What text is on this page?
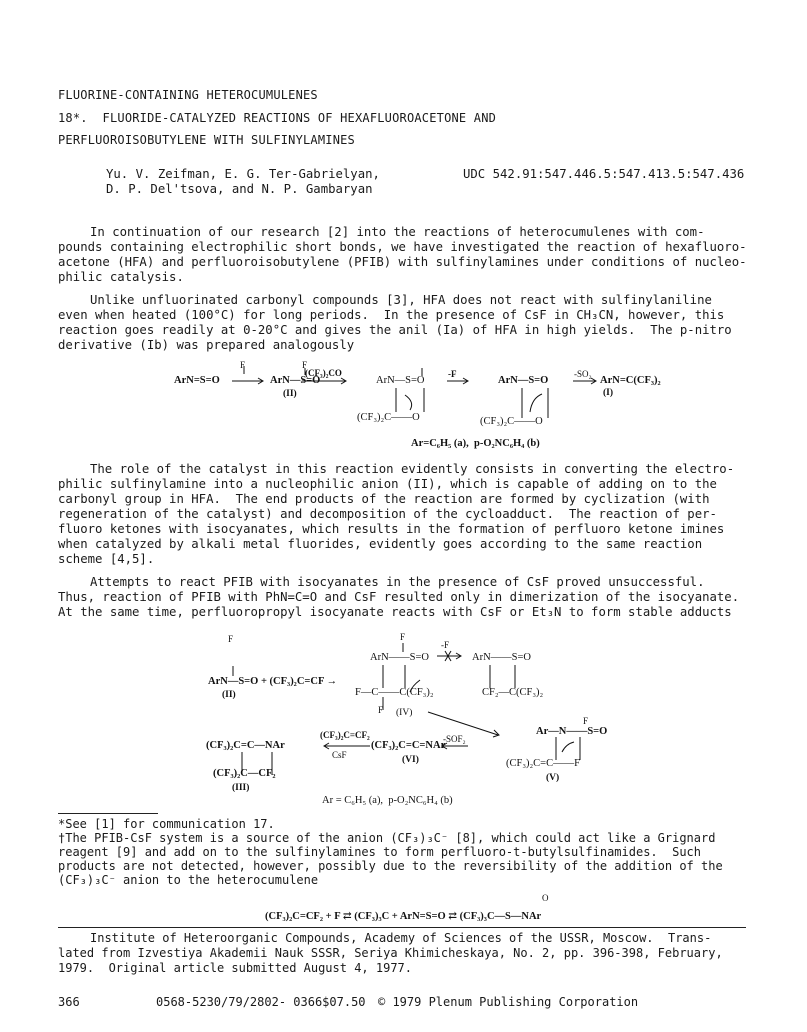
FLUORINE-CONTAINING HETEROCUMULENES
18*.  FLUORIDE-CATALYZED REACTIONS OF HEXAFLUOROACETONE AND
PERFLUOROISOBUTYLENE WITH SULFINYLAMINES
Yu. V. Zeifman, E. G. Ter-Gabrielyan,
D. P. Del'tsova, and N. P. Gambaryan
UDC 542.91:547.446.5:547.413.5:547.436
In continuation of our research [2] into the reactions of heterocumulenes with com-
pounds containing electrophilic short bonds, we have investigated the reaction of hexafluoro-
acetone (HFA) and perfluoroisobutylene (PFIB) with sulfinylamines under conditions of nucleo-
philic catalysis.
Unlike unfluorinated carbonyl compounds [3], HFA does not react with sulfinylaniline
even when heated (100°C) for long periods.  In the presence of CsF in CH₃CN, however, this
reaction goes readily at 0-20°C and gives the anil (Ia) of HFA in high yields.  The p-nitro
derivative (Ib) was prepared analogously
ArN=S=O
F	F
ArN—S=O
(II)
(CF₃)₂CO
ArN—S=O
(CF₃)₂C——O
-F
ArN—S=O
(CF₃)₂C——O
-SO₂
ArN=C(CF₃)₂
(I)
Ar=C₆H₅ (a),  p-O₂NC₆H₄ (b)
The role of the catalyst in this reaction evidently consists in converting the electro-
philic sulfinylamine into a nucleophilic anion (II), which is capable of adding on to the
carbonyl group in HFA.  The end products of the reaction are formed by cyclization (with
regeneration of the catalyst) and decomposition of the cycloadduct.  The reaction of per-
fluoro ketones with isocyanates, which results in the formation of perfluoro ketone imines
when catalyzed by alkali metal fluorides, evidently goes according to the same reaction
scheme [4,5].
Attempts to react PFIB with isocyanates in the presence of CsF proved unsuccessful.
Thus, reaction of PFIB with PhN=C=O and CsF resulted only in dimerization of the isocyanate.
At the same time, perfluoropropyl isocyanate reacts with CsF or Et₃N to form stable adducts
F
ArN—S=O + (CF₃)₂C=CF →
(II)
F
ArN——S=O
F—C——C(CF₃)₂
F (IV)
-F
ArN——S=O
CF₂—C(CF₃)₂
F
Ar—N——S=O
(CF₃)₂C=C——F
(V)
-SOF₂
(CF₃)₂C=C=NAr
(VI)
(CF₃)₂C=CF₂
CsF
(CF₃)₂C=C—NAr
(CF₃)₂C—CF₂
(III)
Ar = C₆H₅ (a),  p-O₂NC₆H₄ (b)
*See [1] for communication 17.
†The PFIB-CsF system is a source of the anion (CF₃)₃C⁻ [8], which could act like a Grignard
reagent [9] and add on to the sulfinylamines to form perfluoro-t-butylsulfinamides.  Such
products are not detected, however, possibly due to the reversibility of the addition of the
(CF₃)₃C⁻ anion to the heterocumulene
O
(CF₃)₂C=CF₂ + F ⇄ (CF₃)₃C + ArN=S=O ⇄ (CF₃)₃C—S—NAr
Institute of Heteroorganic Compounds, Academy of Sciences of the USSR, Moscow.  Trans-
lated from Izvestiya Akademii Nauk SSSR, Seriya Khimicheskaya, No. 2, pp. 396-398, February,
1979.  Original article submitted August 4, 1977.
366	0568-5230/79/2802- 0366$07.50 © 1979 Plenum Publishing Corporation
